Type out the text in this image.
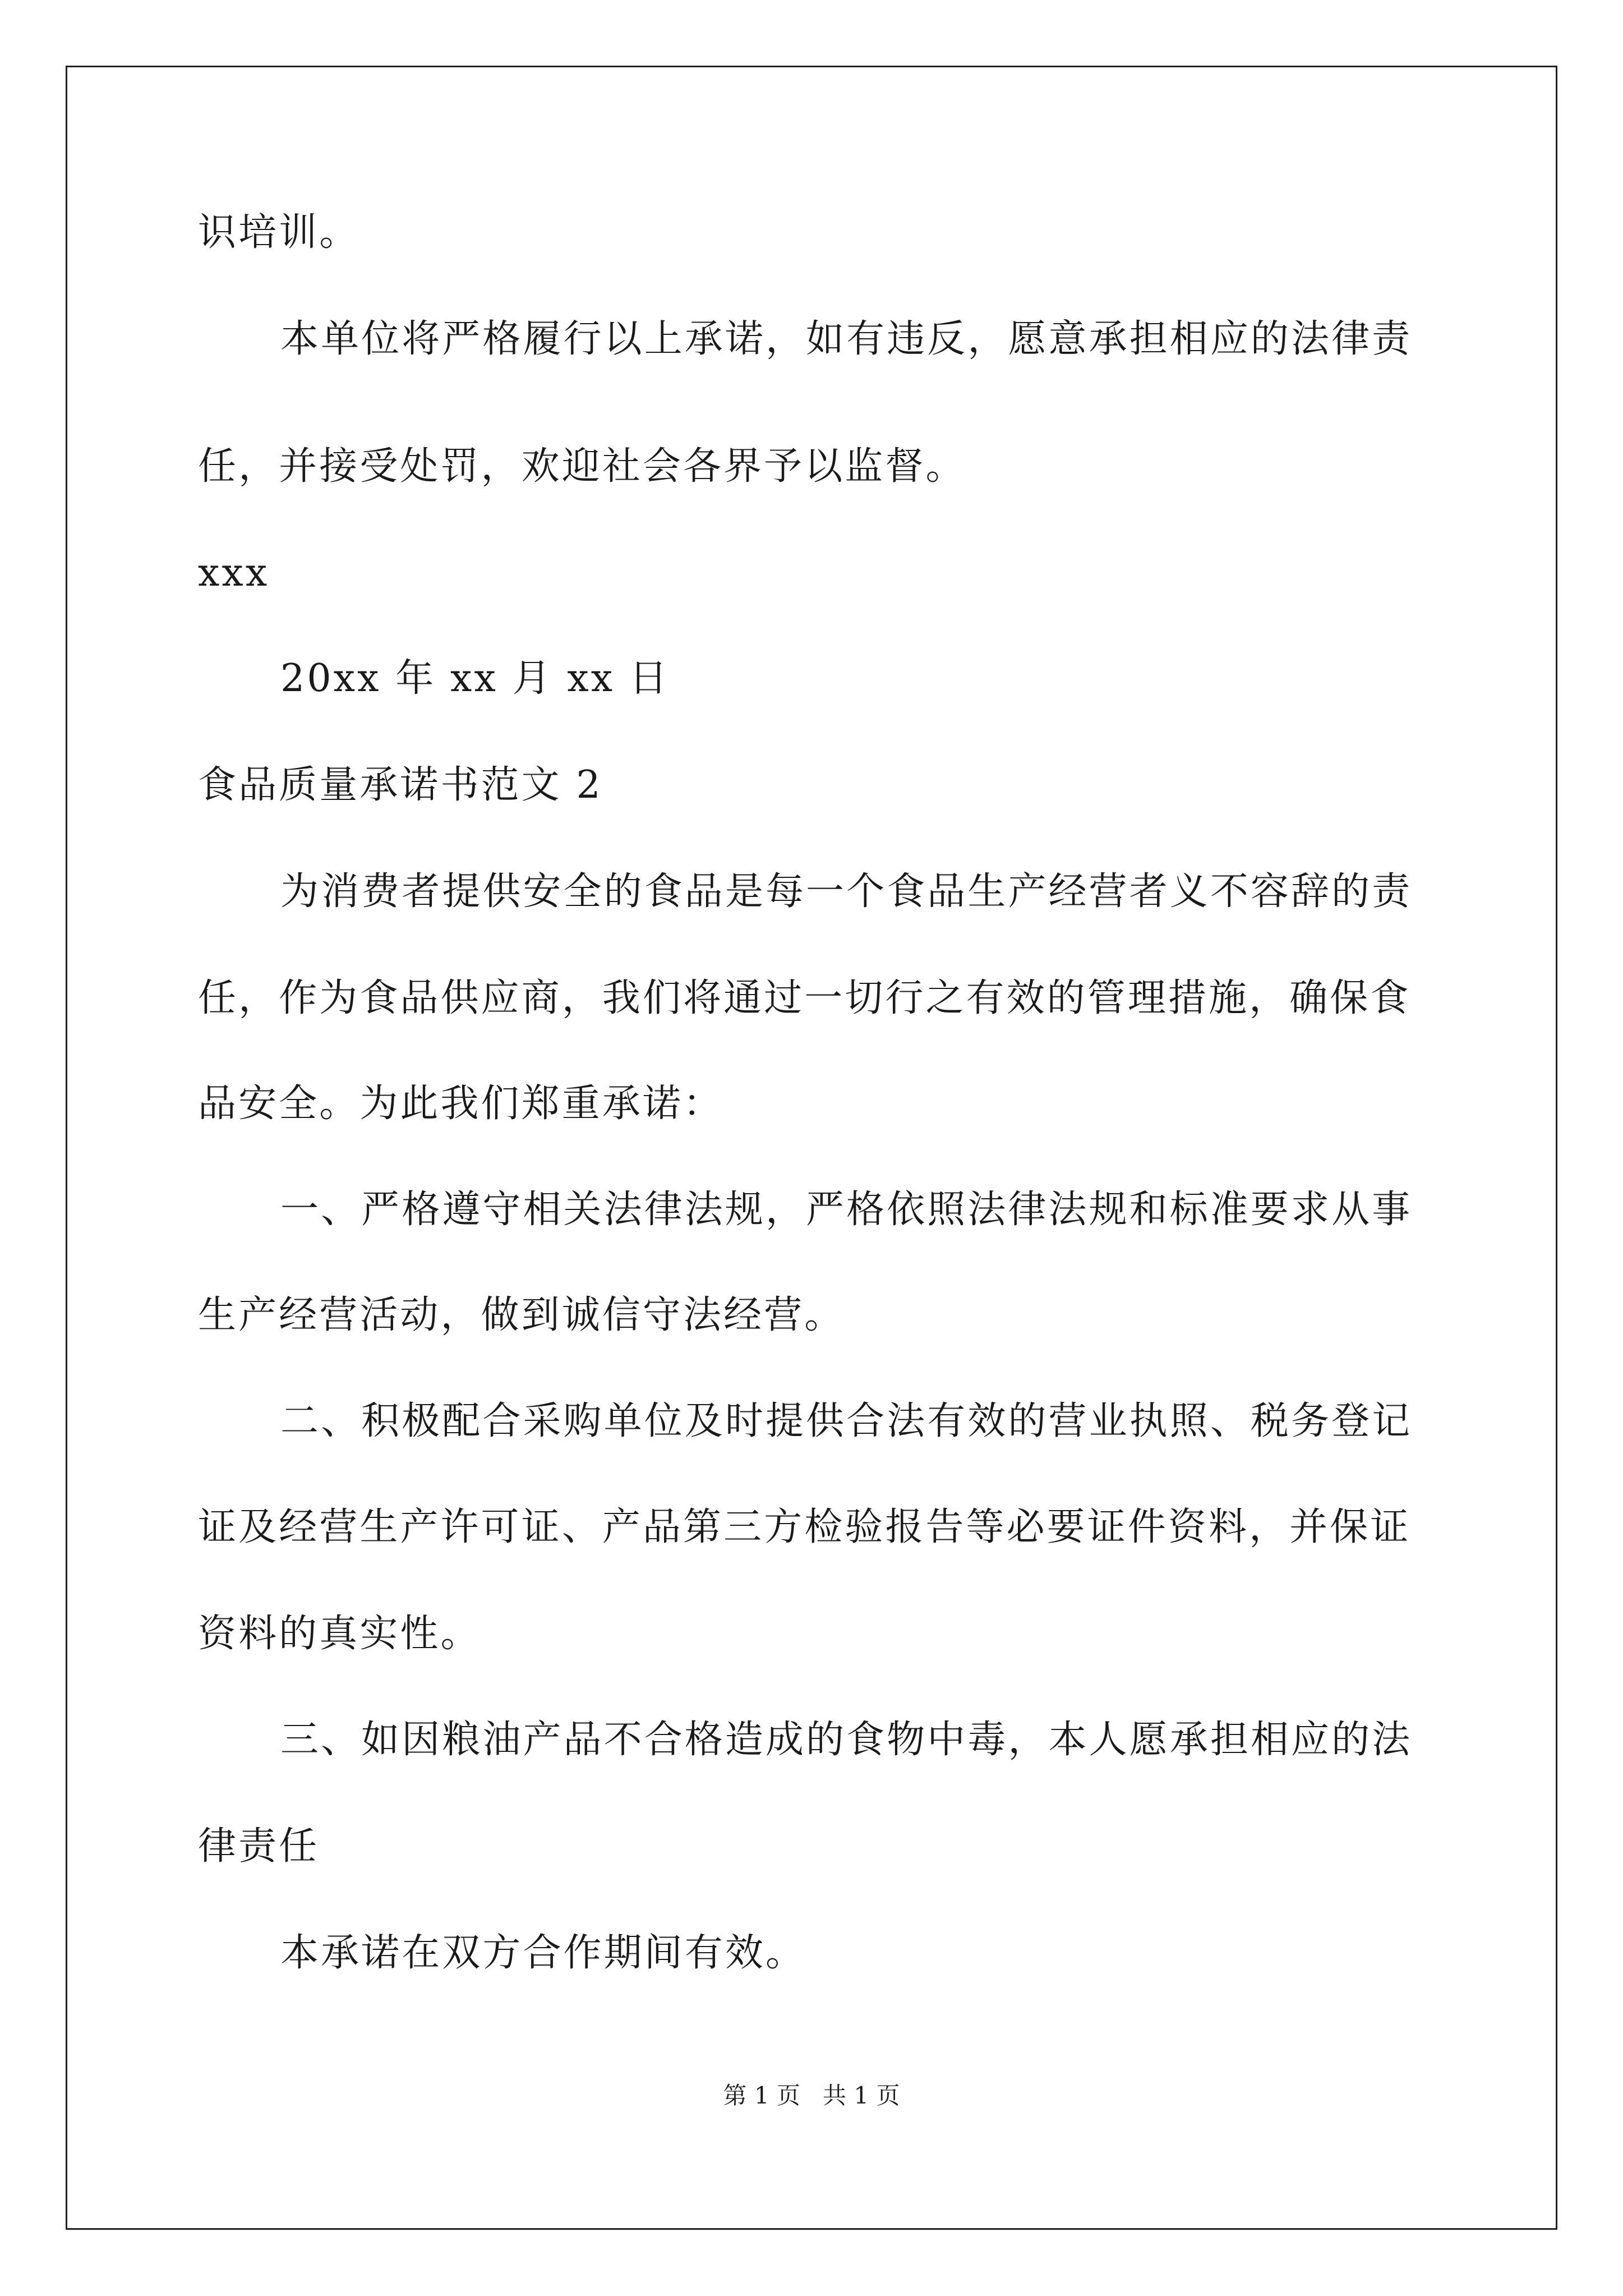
识培训。
本单位将严格履行以上承诺，如有违反，愿意承担相应的法律责
任，并接受处罚，欢迎社会各界予以监督。
xxx
20xx 年 xx 月 xx 日
食品质量承诺书范文 2
为消费者提供安全的食品是每一个食品生产经营者义不容辞的责
任，作为食品供应商，我们将通过一切行之有效的管理措施，确保食
品安全。为此我们郑重承诺：
一、严格遵守相关法律法规，严格依照法律法规和标准要求从事
生产经营活动，做到诚信守法经营。
二、积极配合采购单位及时提供合法有效的营业执照、税务登记
证及经营生产许可证、产品第三方检验报告等必要证件资料，并保证
资料的真实性。
三、如因粮油产品不合格造成的食物中毒，本人愿承担相应的法
律责任
本承诺在双方合作期间有效。
第 1 页   共 1 页
